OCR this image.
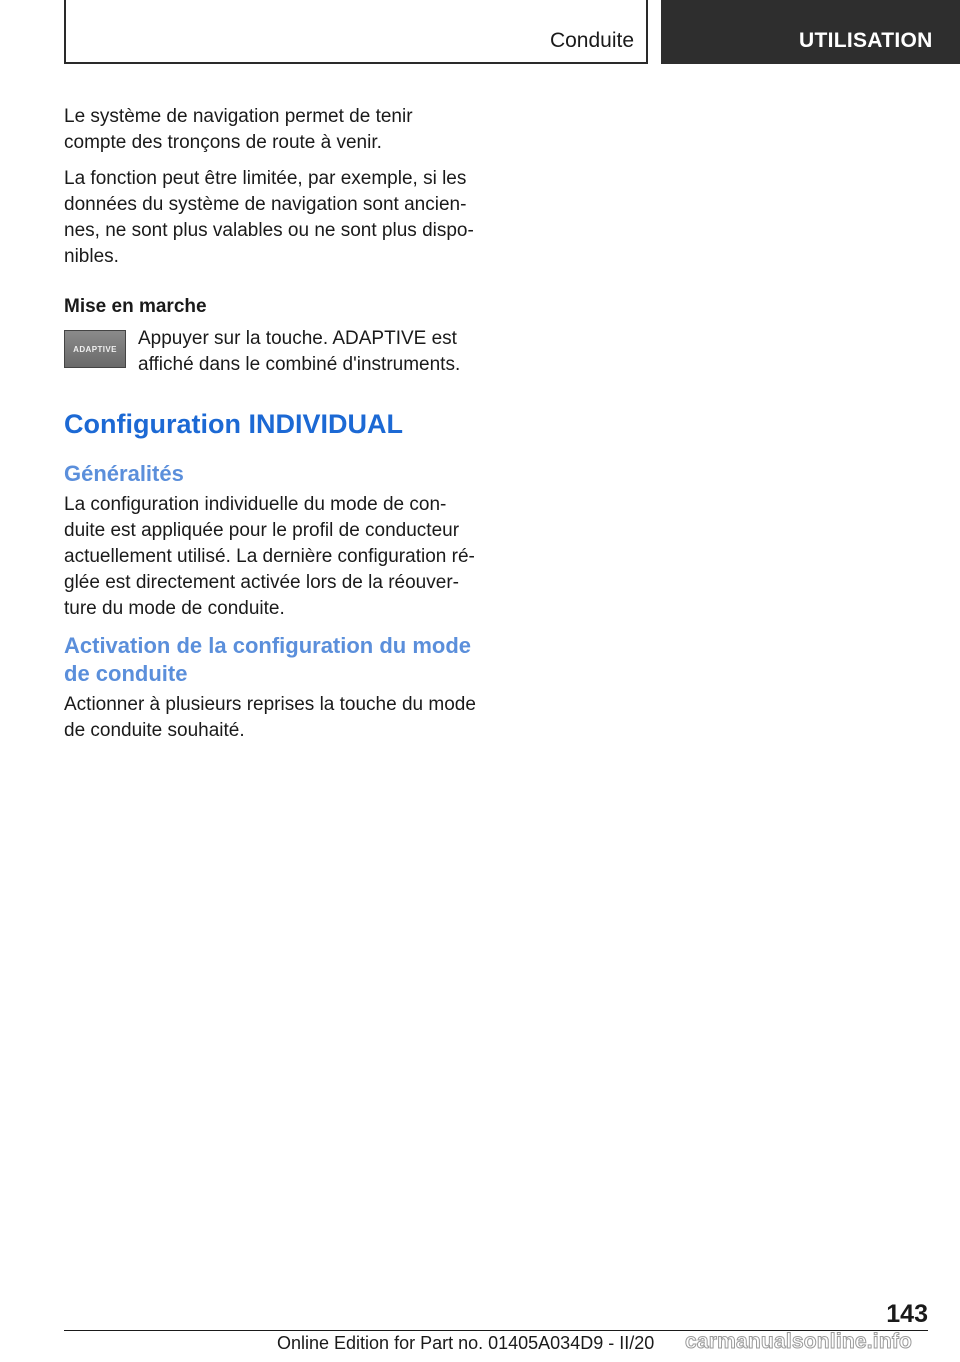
Conduite	UTILISATION

Le système de navigation permet de tenir compte des tronçons de route à venir.

La fonction peut être limitée, par exemple, si les données du système de navigation sont anciennes, ne sont plus valables ou ne sont plus disponibles.

Mise en marche
ADAPTIVE Appuyer sur la touche. ADAPTIVE est affiché dans le combiné d'instruments.

Configuration INDIVIDUAL
Généralités

La configuration individuelle du mode de conduite est appliquée pour le profil de conducteur actuellement utilisé. La dernière configuration réglée est directement activée lors de la réouverture du mode de conduite.

Activation de la configuration du mode de conduite

Actionner à plusieurs reprises la touche du mode de conduite souhaité.

143
Online Edition for Part no. 01405A034D9 - II/20 carmanualsonline.info
